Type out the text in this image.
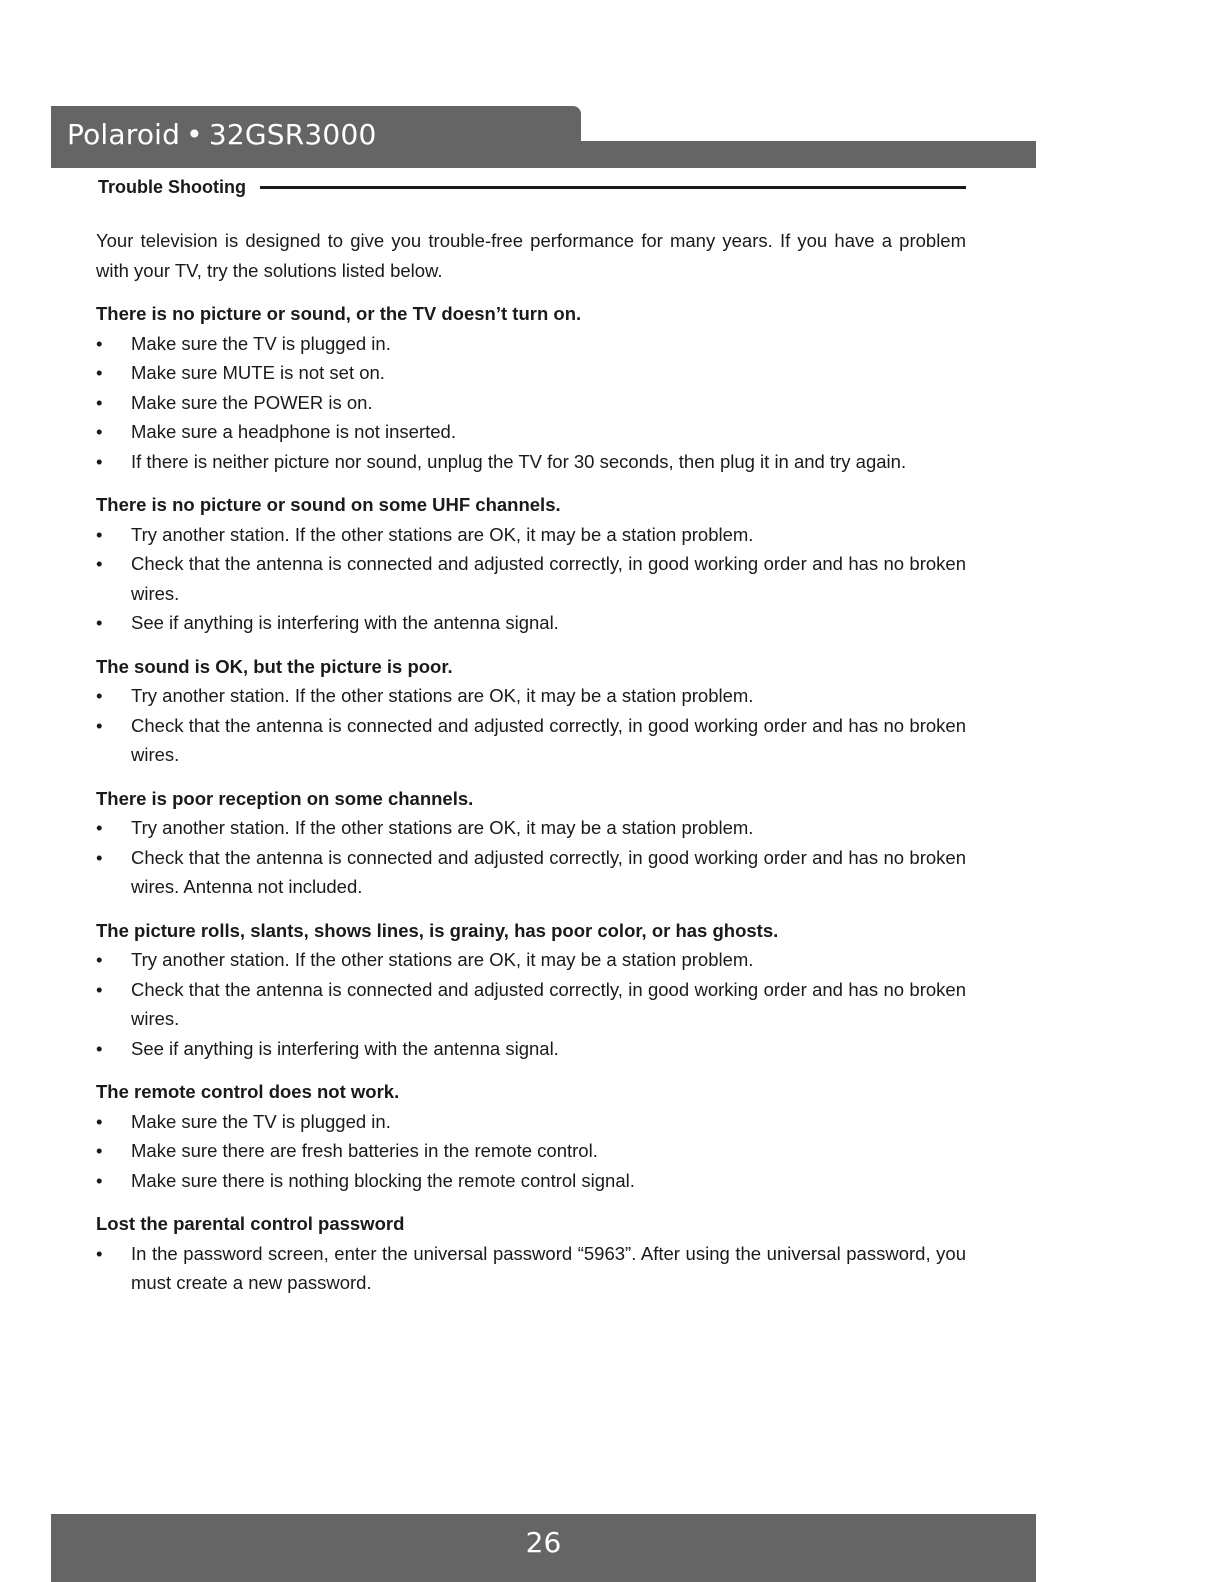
Polaroid • 32GSR3000
Trouble Shooting

Your television is designed to give you trouble-free performance for many years. If you have a problem with your TV, try the solutions listed below.

There is no picture or sound, or the TV doesn’t turn on.
• Make sure the TV is plugged in.
• Make sure MUTE is not set on.
• Make sure the POWER is on.
• Make sure a headphone is not inserted.
• If there is neither picture nor sound, unplug the TV for 30 seconds, then plug it in and try again.
There is no picture or sound on some UHF channels.
• Try another station. If the other stations are OK, it may be a station problem.
• Check that the antenna is connected and adjusted correctly, in good working order and has no broken wires.
• See if anything is interfering with the antenna signal.
The sound is OK, but the picture is poor.
• Try another station. If the other stations are OK, it may be a station problem.
• Check that the antenna is connected and adjusted correctly, in good working order and has no broken wires.
There is poor reception on some channels.
• Try another station. If the other stations are OK, it may be a station problem.
• Check that the antenna is connected and adjusted correctly, in good working order and has no broken wires. Antenna not included.
The picture rolls, slants, shows lines, is grainy, has poor color, or has ghosts.
• Try another station. If the other stations are OK, it may be a station problem.
• Check that the antenna is connected and adjusted correctly, in good working order and has no broken wires.
• See if anything is interfering with the antenna signal.
The remote control does not work.
• Make sure the TV is plugged in.
• Make sure there are fresh batteries in the remote control.
• Make sure there is nothing blocking the remote control signal.
Lost the parental control password
• In the password screen, enter the universal password “5963”. After using the universal password, you must create a new password.
26
